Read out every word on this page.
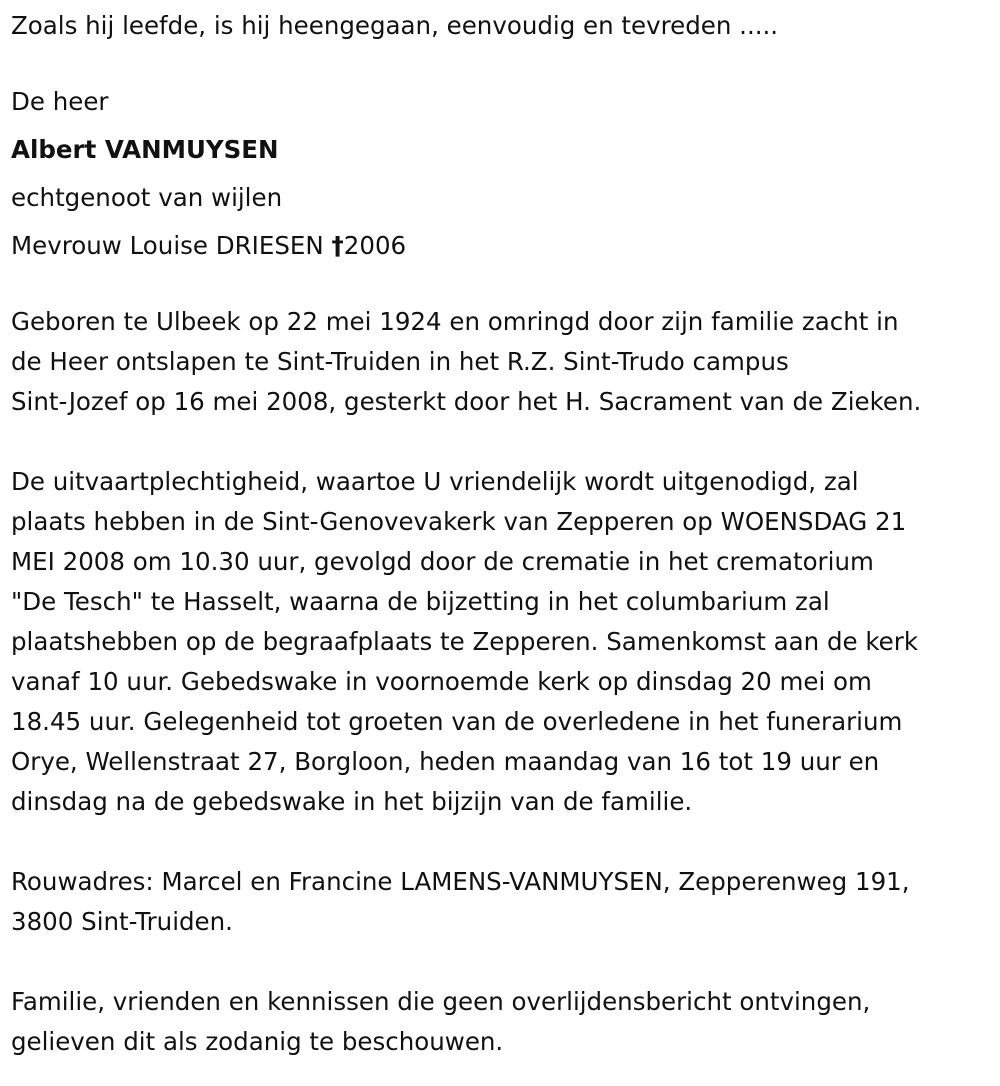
Zoals hij leefde, is hij heengegaan, eenvoudig en tevreden .....

De heer

Albert VANMUYSEN

echtgenoot van wijlen

Mevrouw Louise DRIESEN †2006

Geboren te Ulbeek op 22 mei 1924 en omringd door zijn familie zacht in
de Heer ontslapen te Sint-Truiden in het R.Z. Sint-Trudo campus
Sint-Jozef op 16 mei 2008, gesterkt door het H. Sacrament van de Zieken.

De uitvaartplechtigheid, waartoe U vriendelijk wordt uitgenodigd, zal
plaats hebben in de Sint-Genovevakerk van Zepperen op WOENSDAG 21
MEI 2008 om 10.30 uur, gevolgd door de crematie in het crematorium
"De Tesch" te Hasselt, waarna de bijzetting in het columbarium zal
plaatshebben op de begraafplaats te Zepperen. Samenkomst aan de kerk
vanaf 10 uur. Gebedswake in voornoemde kerk op dinsdag 20 mei om
18.45 uur. Gelegenheid tot groeten van de overledene in het funerarium
Orye, Wellenstraat 27, Borgloon, heden maandag van 16 tot 19 uur en
dinsdag na de gebedswake in het bijzijn van de familie.

Rouwadres: Marcel en Francine LAMENS-VANMUYSEN, Zepperenweg 191,
3800 Sint-Truiden.

Familie, vrienden en kennissen die geen overlijdensbericht ontvingen,
gelieven dit als zodanig te beschouwen.
